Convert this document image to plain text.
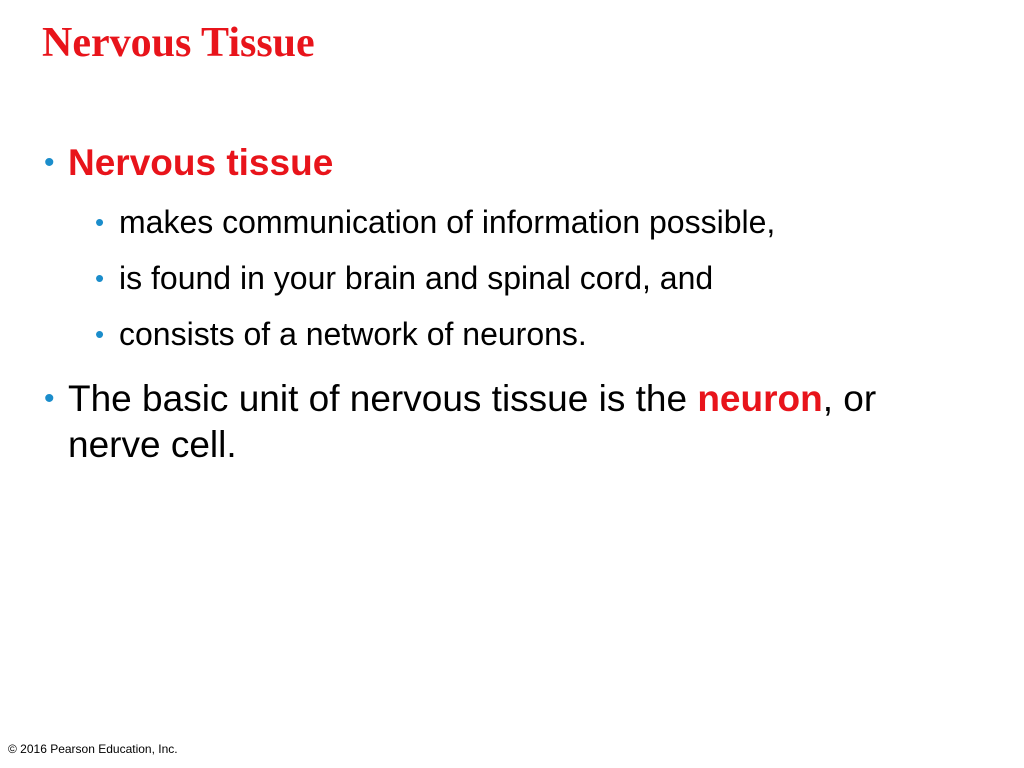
Nervous Tissue

• Nervous tissue

• makes communication of information possible,

• is found in your brain and spinal cord, and

• consists of a network of neurons.

• The basic unit of nervous tissue is the neuron, or nerve cell.

© 2016 Pearson Education, Inc.
